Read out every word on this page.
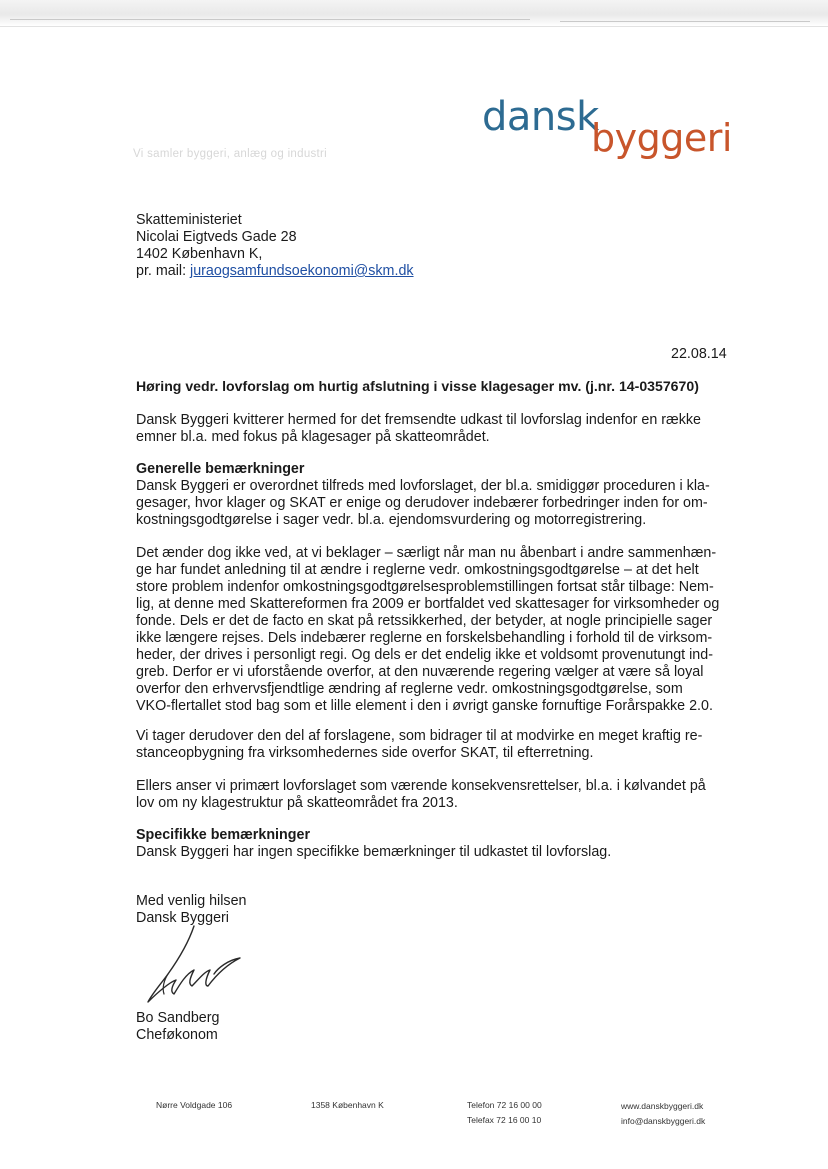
dansk
byggeri
Vi samler byggeri, anlæg og industri
Skatteministeriet
Nicolai Eigtveds Gade 28
1402 København K,
pr. mail: juraogsamfundsoekonomi@skm.dk
22.08.14
Høring vedr. lovforslag om hurtig afslutning i visse klagesager mv. (j.nr. 14-0357670)
Dansk Byggeri kvitterer hermed for det fremsendte udkast til lovforslag indenfor en række
emner bl.a. med fokus på klagesager på skatteområdet.
Generelle bemærkninger
Dansk Byggeri er overordnet tilfreds med lovforslaget, der bl.a. smidiggør proceduren i kla-
gesager, hvor klager og SKAT er enige og derudover indebærer forbedringer inden for om-
kostningsgodtgørelse i sager vedr. bl.a. ejendomsvurdering og motorregistrering.
Det ænder dog ikke ved, at vi beklager – særligt når man nu åbenbart i andre sammenhæn-
ge har fundet anledning til at ændre i reglerne vedr. omkostningsgodtgørelse – at det helt
store problem indenfor omkostningsgodtgørelsesproblemstillingen fortsat står tilbage: Nem-
lig, at denne med Skattereformen fra 2009 er bortfaldet ved skattesager for virksomheder og
fonde. Dels er det de facto en skat på retssikkerhed, der betyder, at nogle principielle sager
ikke længere rejses. Dels indebærer reglerne en forskelsbehandling i forhold til de virksom-
heder, der drives i personligt regi. Og dels er det endelig ikke et voldsomt provenutungt ind-
greb. Derfor er vi uforstående overfor, at den nuværende regering vælger at være så loyal
overfor den erhvervsfjendtlige ændring af reglerne vedr. omkostningsgodtgørelse, som
VKO-flertallet stod bag som et lille element i den i øvrigt ganske fornuftige Forårspakke 2.0.
Vi tager derudover den del af forslagene, som bidrager til at modvirke en meget kraftig re-
stanceopbygning fra virksomhedernes side overfor SKAT, til efterretning.
Ellers anser vi primært lovforslaget som værende konsekvensrettelser, bl.a. i kølvandet på
lov om ny klagestruktur på skatteområdet fra 2013.
Specifikke bemærkninger
Dansk Byggeri har ingen specifikke bemærkninger til udkastet til lovforslag.
Med venlig hilsen
Dansk Byggeri
Bo Sandberg
Cheføkonom
Nørre Voldgade 106	1358 København K	Telefon 72 16 00 00
Telefax 72 16 00 10
www.danskbyggeri.dk
info@danskbyggeri.dk
